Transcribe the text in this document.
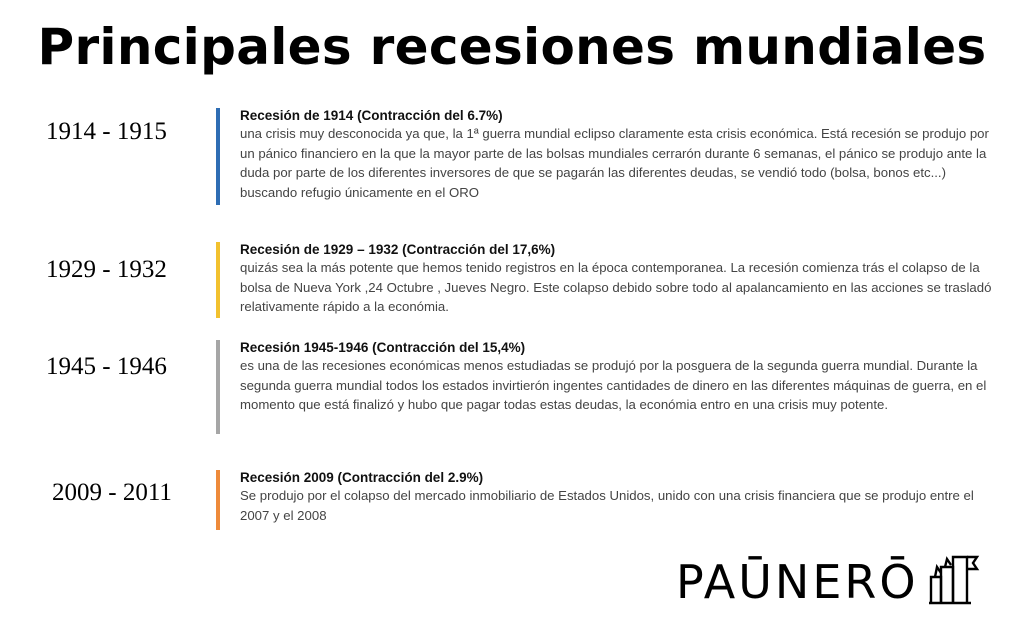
Principales recesiones mundiales
1914 - 1915
Recesión de 1914 (Contracción del 6.7%)
una crisis muy desconocida ya que, la 1ª guerra mundial eclipso claramente esta crisis económica. Está recesión se produjo por un pánico financiero en la que la mayor parte de las bolsas mundiales cerrarón durante 6 semanas, el pánico se produjo ante la duda por parte de los diferentes inversores de que se pagarán las diferentes deudas, se vendió todo (bolsa, bonos etc...) buscando refugio únicamente en el ORO
1929 - 1932
Recesión de 1929 – 1932 (Contracción del 17,6%)
quizás sea la más potente que hemos tenido registros en la época contemporanea. La recesión comienza trás el colapso de la bolsa de Nueva York ,24 Octubre , Jueves Negro. Este colapso debido sobre todo al apalancamiento en las acciones se trasladó relativamente rápido a la económia.
1945 - 1946
Recesión 1945-1946 (Contracción del 15,4%)
es una de las recesiones económicas menos estudiadas se produjó por la posguera de la segunda guerra mundial. Durante la segunda guerra mundial todos los estados invirtierón ingentes cantidades de dinero en las diferentes máquinas de guerra, en el momento que está finalizó y hubo que pagar todas estas deudas, la económia entro en una crisis muy potente.
2009 - 2011
Recesión 2009 (Contracción del 2.9%)
Se produjo por el colapso del mercado inmobiliario de Estados Unidos, unido con una crisis financiera que se produjo entre el 2007 y el 2008
PAŪNERŌ
